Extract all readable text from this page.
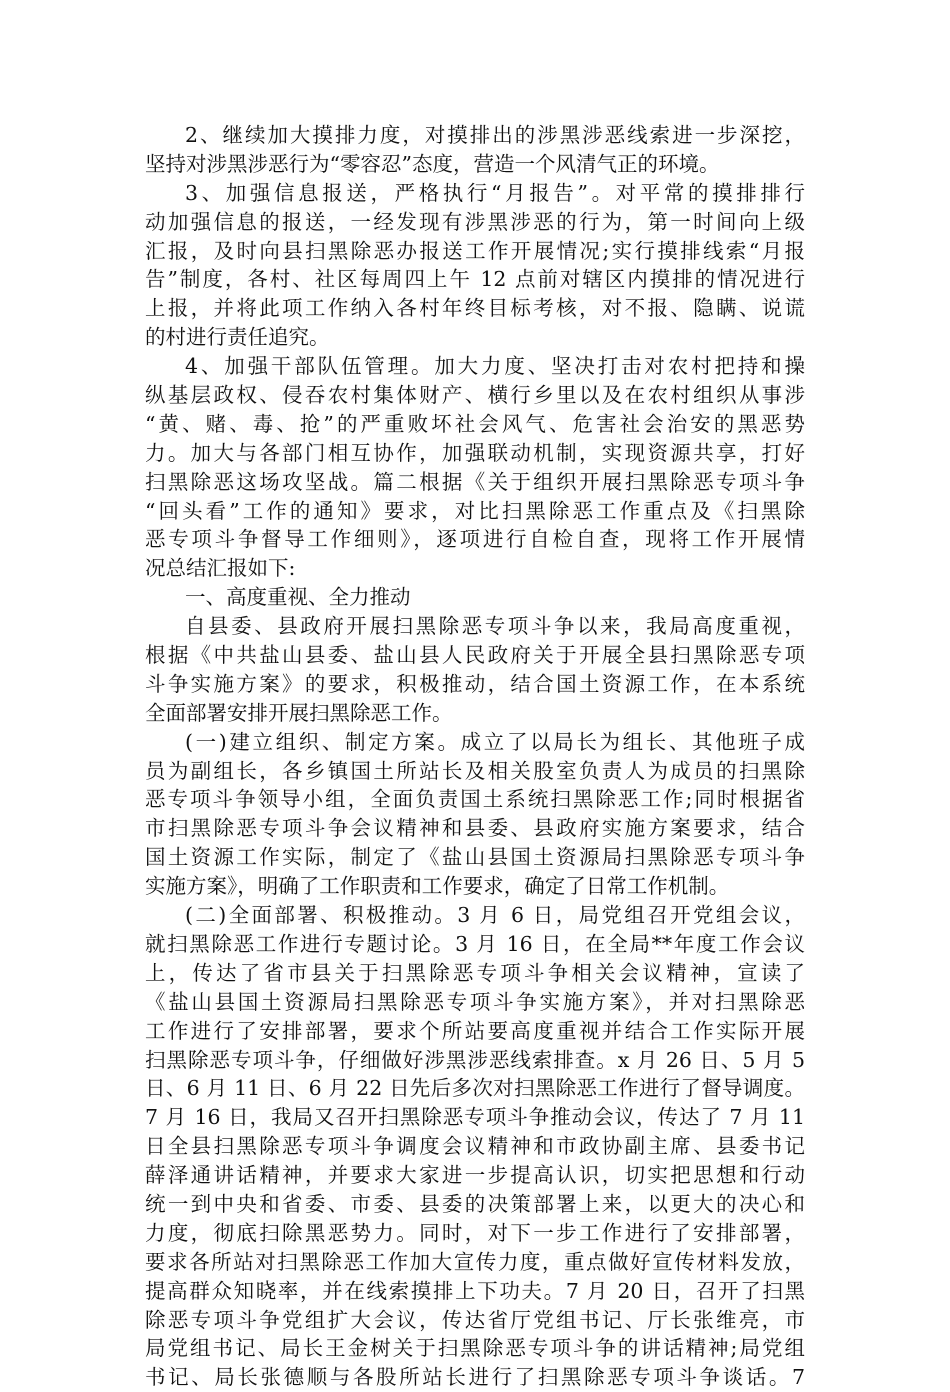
2、继续加大摸排力度，对摸排出的涉黑涉恶线索进一步深挖，
坚持对涉黑涉恶行为“零容忍”态度，营造一个风清气正的环境。
3、加强信息报送，严格执行“月报告”。对平常的摸排排行
动加强信息的报送，一经发现有涉黑涉恶的行为，第一时间向上级
汇报，及时向县扫黑除恶办报送工作开展情况;实行摸排线索“月报
告”制度，各村、社区每周四上午 12 点前对辖区内摸排的情况进行
上报，并将此项工作纳入各村年终目标考核，对不报、隐瞒、说谎
的村进行责任追究。
4、加强干部队伍管理。加大力度、坚决打击对农村把持和操
纵基层政权、侵吞农村集体财产、横行乡里以及在农村组织从事涉
“黄、赌、毒、抢”的严重败坏社会风气、危害社会治安的黑恶势
力。加大与各部门相互协作，加强联动机制，实现资源共享，打好
扫黑除恶这场攻坚战。篇二根据《关于组织开展扫黑除恶专项斗争
“回头看”工作的通知》要求，对比扫黑除恶工作重点及《扫黑除
恶专项斗争督导工作细则》，逐项进行自检自查，现将工作开展情
况总结汇报如下:
一、高度重视、全力推动
自县委、县政府开展扫黑除恶专项斗争以来，我局高度重视，
根据《中共盐山县委、盐山县人民政府关于开展全县扫黑除恶专项
斗争实施方案》的要求，积极推动，结合国土资源工作，在本系统
全面部署安排开展扫黑除恶工作。
(一)建立组织、制定方案。成立了以局长为组长、其他班子成
员为副组长，各乡镇国土所站长及相关股室负责人为成员的扫黑除
恶专项斗争领导小组，全面负责国土系统扫黑除恶工作;同时根据省
市扫黑除恶专项斗争会议精神和县委、县政府实施方案要求，结合
国土资源工作实际，制定了《盐山县国土资源局扫黑除恶专项斗争
实施方案》，明确了工作职责和工作要求，确定了日常工作机制。
(二)全面部署、积极推动。3 月 6 日，局党组召开党组会议，
就扫黑除恶工作进行专题讨论。3 月 16 日，在全局**年度工作会议
上，传达了省市县关于扫黑除恶专项斗争相关会议精神，宣读了
《盐山县国土资源局扫黑除恶专项斗争实施方案》，并对扫黑除恶
工作进行了安排部署，要求个所站要高度重视并结合工作实际开展
扫黑除恶专项斗争，仔细做好涉黑涉恶线索排查。x 月 26 日、5 月 5
日、6 月 11 日、6 月 22 日先后多次对扫黑除恶工作进行了督导调度。
7 月 16 日，我局又召开扫黑除恶专项斗争推动会议，传达了 7 月 11
日全县扫黑除恶专项斗争调度会议精神和市政协副主席、县委书记
薛泽通讲话精神，并要求大家进一步提高认识，切实把思想和行动
统一到中央和省委、市委、县委的决策部署上来，以更大的决心和
力度，彻底扫除黑恶势力。同时，对下一步工作进行了安排部署，
要求各所站对扫黑除恶工作加大宣传力度，重点做好宣传材料发放，
提高群众知晓率，并在线索摸排上下功夫。7 月 20 日，召开了扫黑
除恶专项斗争党组扩大会议，传达省厅党组书记、厅长张维亮，市
局党组书记、局长王金树关于扫黑除恶专项斗争的讲话精神;局党组
书记、局长张德顺与各股所站长进行了扫黑除恶专项斗争谈话。7
